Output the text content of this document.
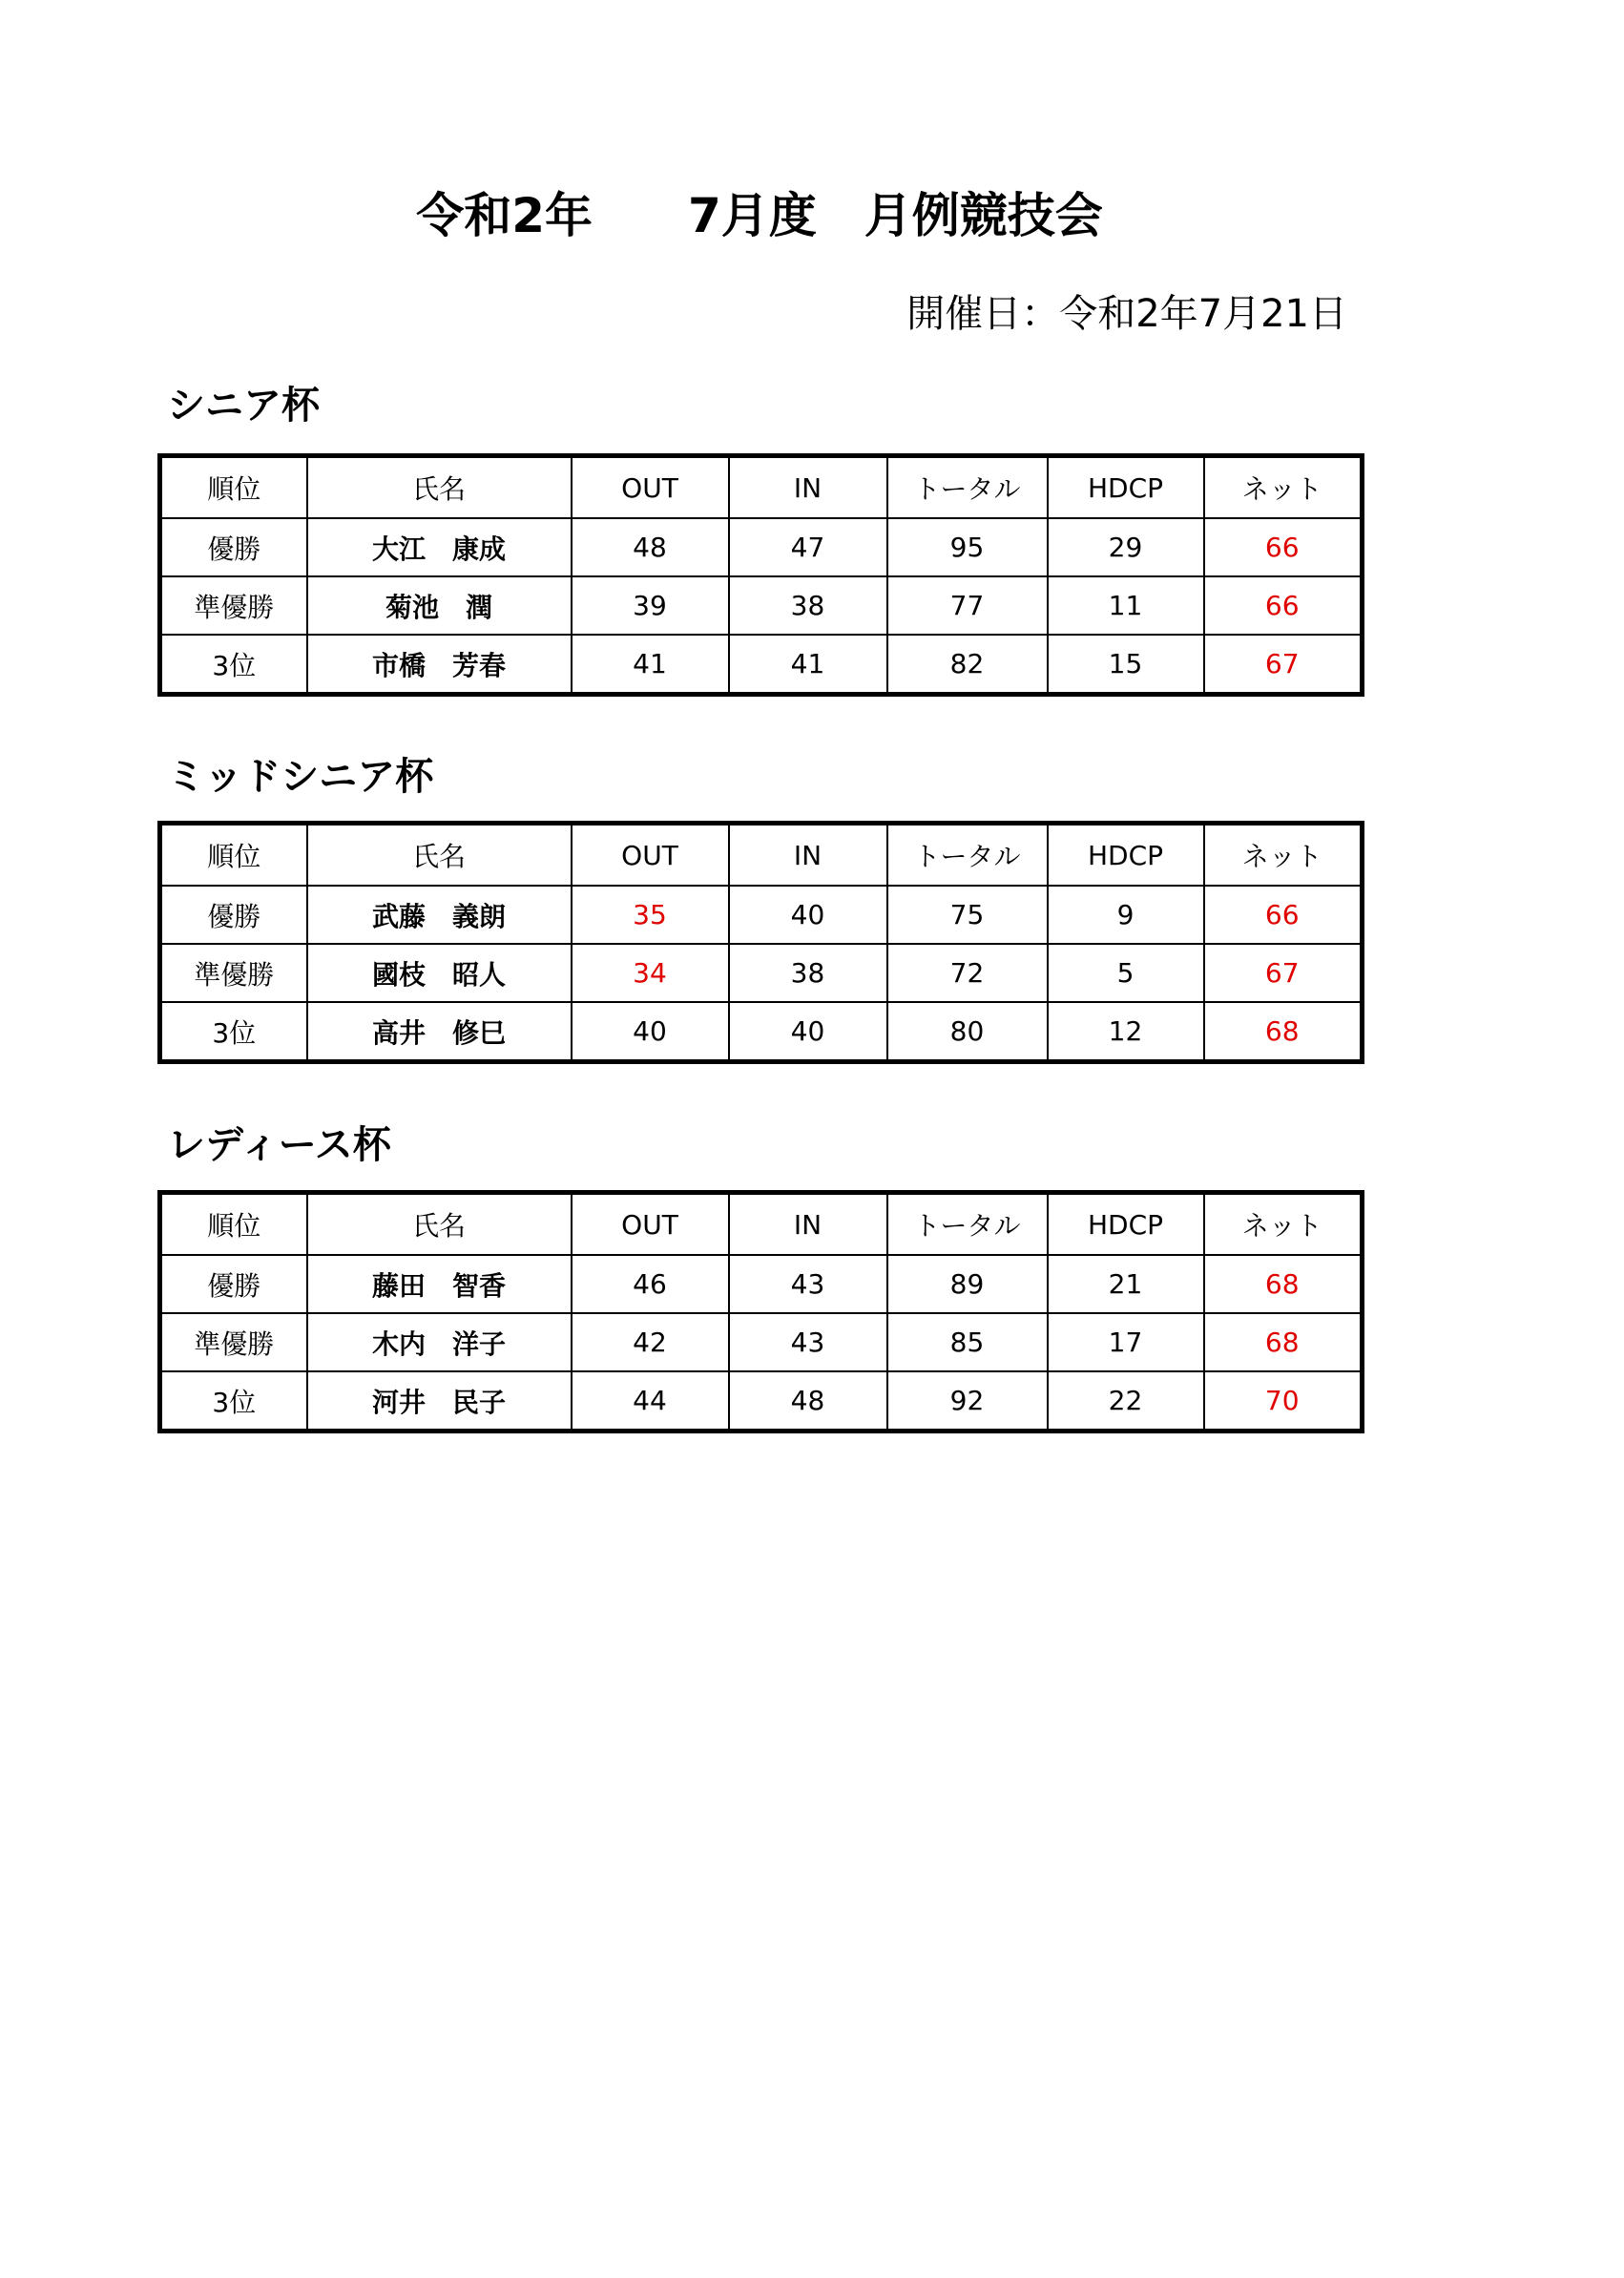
令和2年　　7月度　月例競技会
開催日：令和2年7月21日
シニア杯
順位	氏名	OUT	IN	トータル	HDCP	ネット
優勝	大江　康成	48	47	95	29	66
準優勝	菊池　潤	39	38	77	11	66
3位	市橋　芳春	41	41	82	15	67
ミッドシニア杯
順位	氏名	OUT	IN	トータル	HDCP	ネット
優勝	武藤　義朗	35	40	75	9	66
準優勝	國枝　昭人	34	38	72	5	67
3位	高井　修巳	40	40	80	12	68
レディース杯
順位	氏名	OUT	IN	トータル	HDCP	ネット
優勝	藤田　智香	46	43	89	21	68
準優勝	木内　洋子	42	43	85	17	68
3位	河井　民子	44	48	92	22	70
